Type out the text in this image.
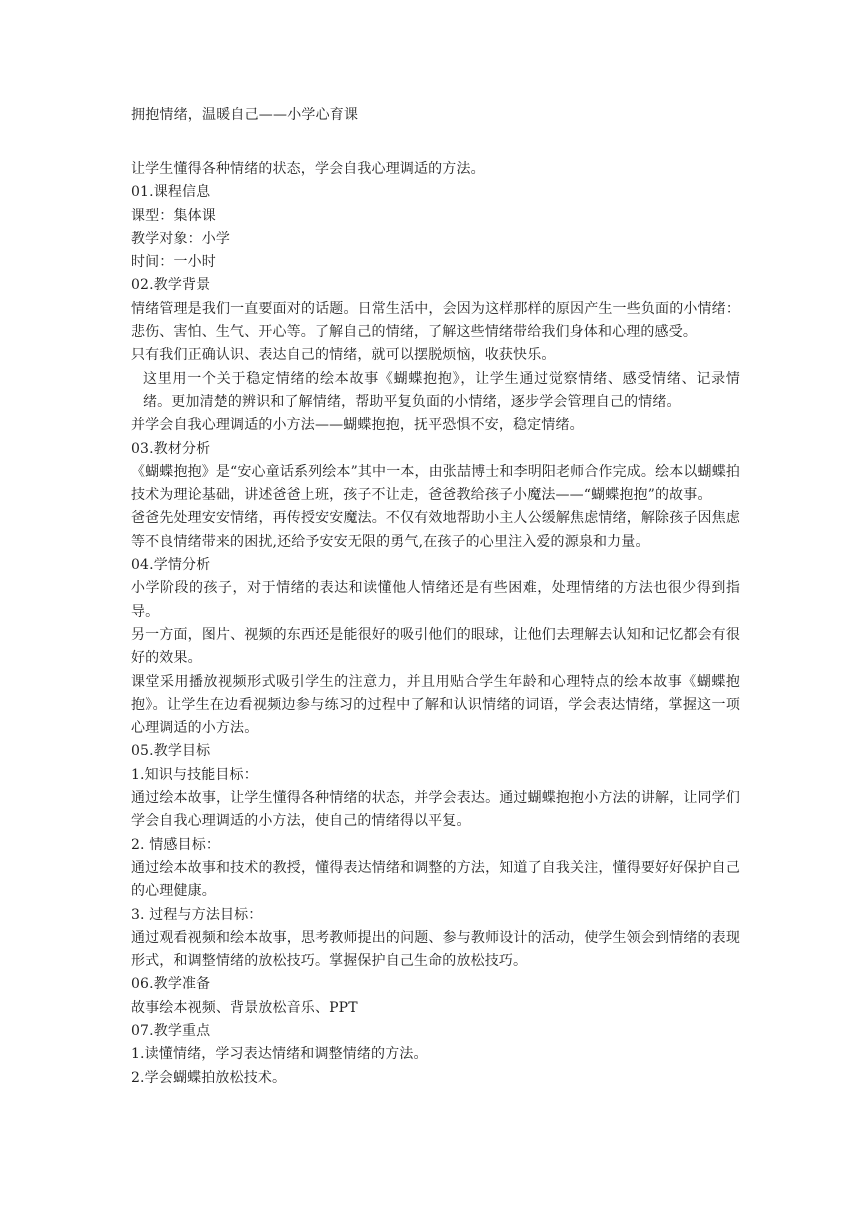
拥抱情绪，温暖自己——小学心育课

让学生懂得各种情绪的状态，学会自我心理调适的方法。

01.课程信息

课型：集体课

教学对象：小学

时间：一小时

02.教学背景

情绪管理是我们一直要面对的话题。日常生活中，会因为这样那样的原因产生一些负面的小情绪：悲伤、害怕、生气、开心等。了解自己的情绪，了解这些情绪带给我们身体和心理的感受。

只有我们正确认识、表达自己的情绪，就可以摆脱烦恼，收获快乐。

这里用一个关于稳定情绪的绘本故事《蝴蝶抱抱》，让学生通过觉察情绪、感受情绪、记录情绪。更加清楚的辨识和了解情绪，帮助平复负面的小情绪，逐步学会管理自己的情绪。

并学会自我心理调适的小方法——蝴蝶抱抱，抚平恐惧不安，稳定情绪。

03.教材分析

《蝴蝶抱抱》是“安心童话系列绘本”其中一本，由张喆博士和李明阳老师合作完成。绘本以蝴蝶拍技术为理论基础，讲述爸爸上班，孩子不让走，爸爸教给孩子小魔法——“蝴蝶抱抱”的故事。

爸爸先处理安安情绪，再传授安安魔法。不仅有效地帮助小主人公缓解焦虑情绪，解除孩子因焦虑等不良情绪带来的困扰,还给予安安无限的勇气,在孩子的心里注入爱的源泉和力量。

04.学情分析

小学阶段的孩子，对于情绪的表达和读懂他人情绪还是有些困难，处理情绪的方法也很少得到指导。

另一方面，图片、视频的东西还是能很好的吸引他们的眼球，让他们去理解去认知和记忆都会有很好的效果。

课堂采用播放视频形式吸引学生的注意力，并且用贴合学生年龄和心理特点的绘本故事《蝴蝶抱抱》。让学生在边看视频边参与练习的过程中了解和认识情绪的词语，学会表达情绪，掌握这一项心理调适的小方法。

05.教学目标

1.知识与技能目标：

通过绘本故事，让学生懂得各种情绪的状态，并学会表达。通过蝴蝶抱抱小方法的讲解，让同学们学会自我心理调适的小方法，使自己的情绪得以平复。

2. 情感目标：

通过绘本故事和技术的教授，懂得表达情绪和调整的方法，知道了自我关注，懂得要好好保护自己的心理健康。

3. 过程与方法目标：

通过观看视频和绘本故事，思考教师提出的问题、参与教师设计的活动，使学生领会到情绪的表现形式，和调整情绪的放松技巧。掌握保护自己生命的放松技巧。

06.教学准备

故事绘本视频、背景放松音乐、PPT

07.教学重点

1.读懂情绪，学习表达情绪和调整情绪的方法。

2.学会蝴蝶拍放松技术。
